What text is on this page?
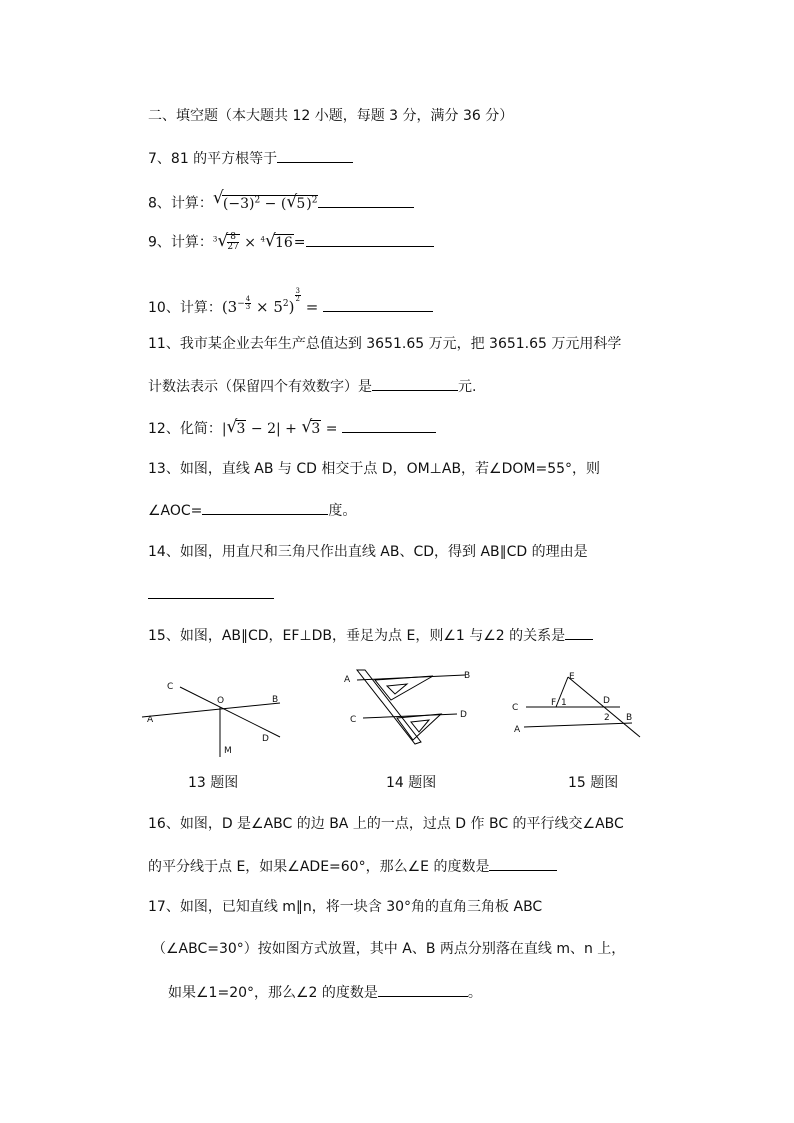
二、填空题（本大题共 12 小题，每题 3 分，满分 36 分）
7、81 的平方根等于
8、计算： √ $(-3)^2$ − ( √ 5)$^2$
9、计算：$^3$ √ $\frac{8}{27} \times ^4$ √ 16=
10、计算：$(3^{- \frac{4}{3}} \times 5^2)$
$^{\frac{3}{2}}$
=
11、我市某企业去年生产总值达到 3651.65 万元，把 3651.65 万元用科学
计数法表示（保留四个有效数字）是	元.
12、化简：| √ 3 − 2| + √ 3 =
13、如图，直线 AB 与 CD 相交于点 D，OM⊥AB，若∠DOM=55°，则
∠AOC=	度。
14、如图，用直尺和三角尺作出直线 AB、CD，得到 AB∥CD 的理由是
15、如图，AB∥CD，EF⊥DB，垂足为点 E，则∠1 与∠2 的关系是
C
O	B
A
D
M
13 题图
A	B
C	D
14 题图
E
C	F 1	D
2 B
A
15 题图
16、如图，D 是∠ABC 的边 BA 上的一点，过点 D 作 BC 的平行线交∠ABC
的平分线于点 E，如果∠ADE=60°，那么∠E 的度数是
17、如图，已知直线 m∥n，将一块含 30°角的直角三角板 ABC
（∠ABC=30°）按如图方式放置，其中 A、B 两点分别落在直线 m、n 上，
如果∠1=20°，那么∠2 的度数是	。
